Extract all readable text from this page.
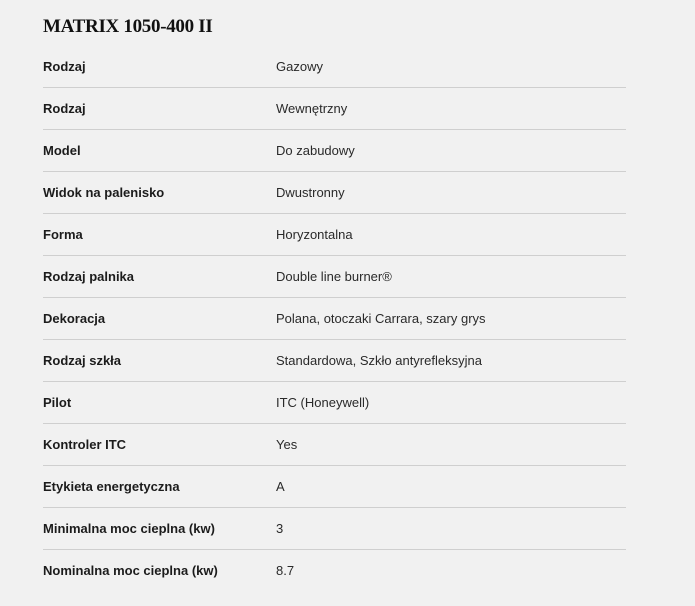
MATRIX 1050-400 II
Rodzaj	Gazowy
Rodzaj	Wewnętrzny
Model	Do zabudowy
Widok na palenisko	Dwustronny
Forma	Horyzontalna
Rodzaj palnika	Double line burner®
Dekoracja	Polana, otoczaki Carrara, szary grys
Rodzaj szkła	Standardowa, Szkło antyrefleksyjna
Pilot	ITC (Honeywell)
Kontroler ITC	Yes
Etykieta energetyczna	A
Minimalna moc cieplna (kw)	3
Nominalna moc cieplna (kw)	8.7
